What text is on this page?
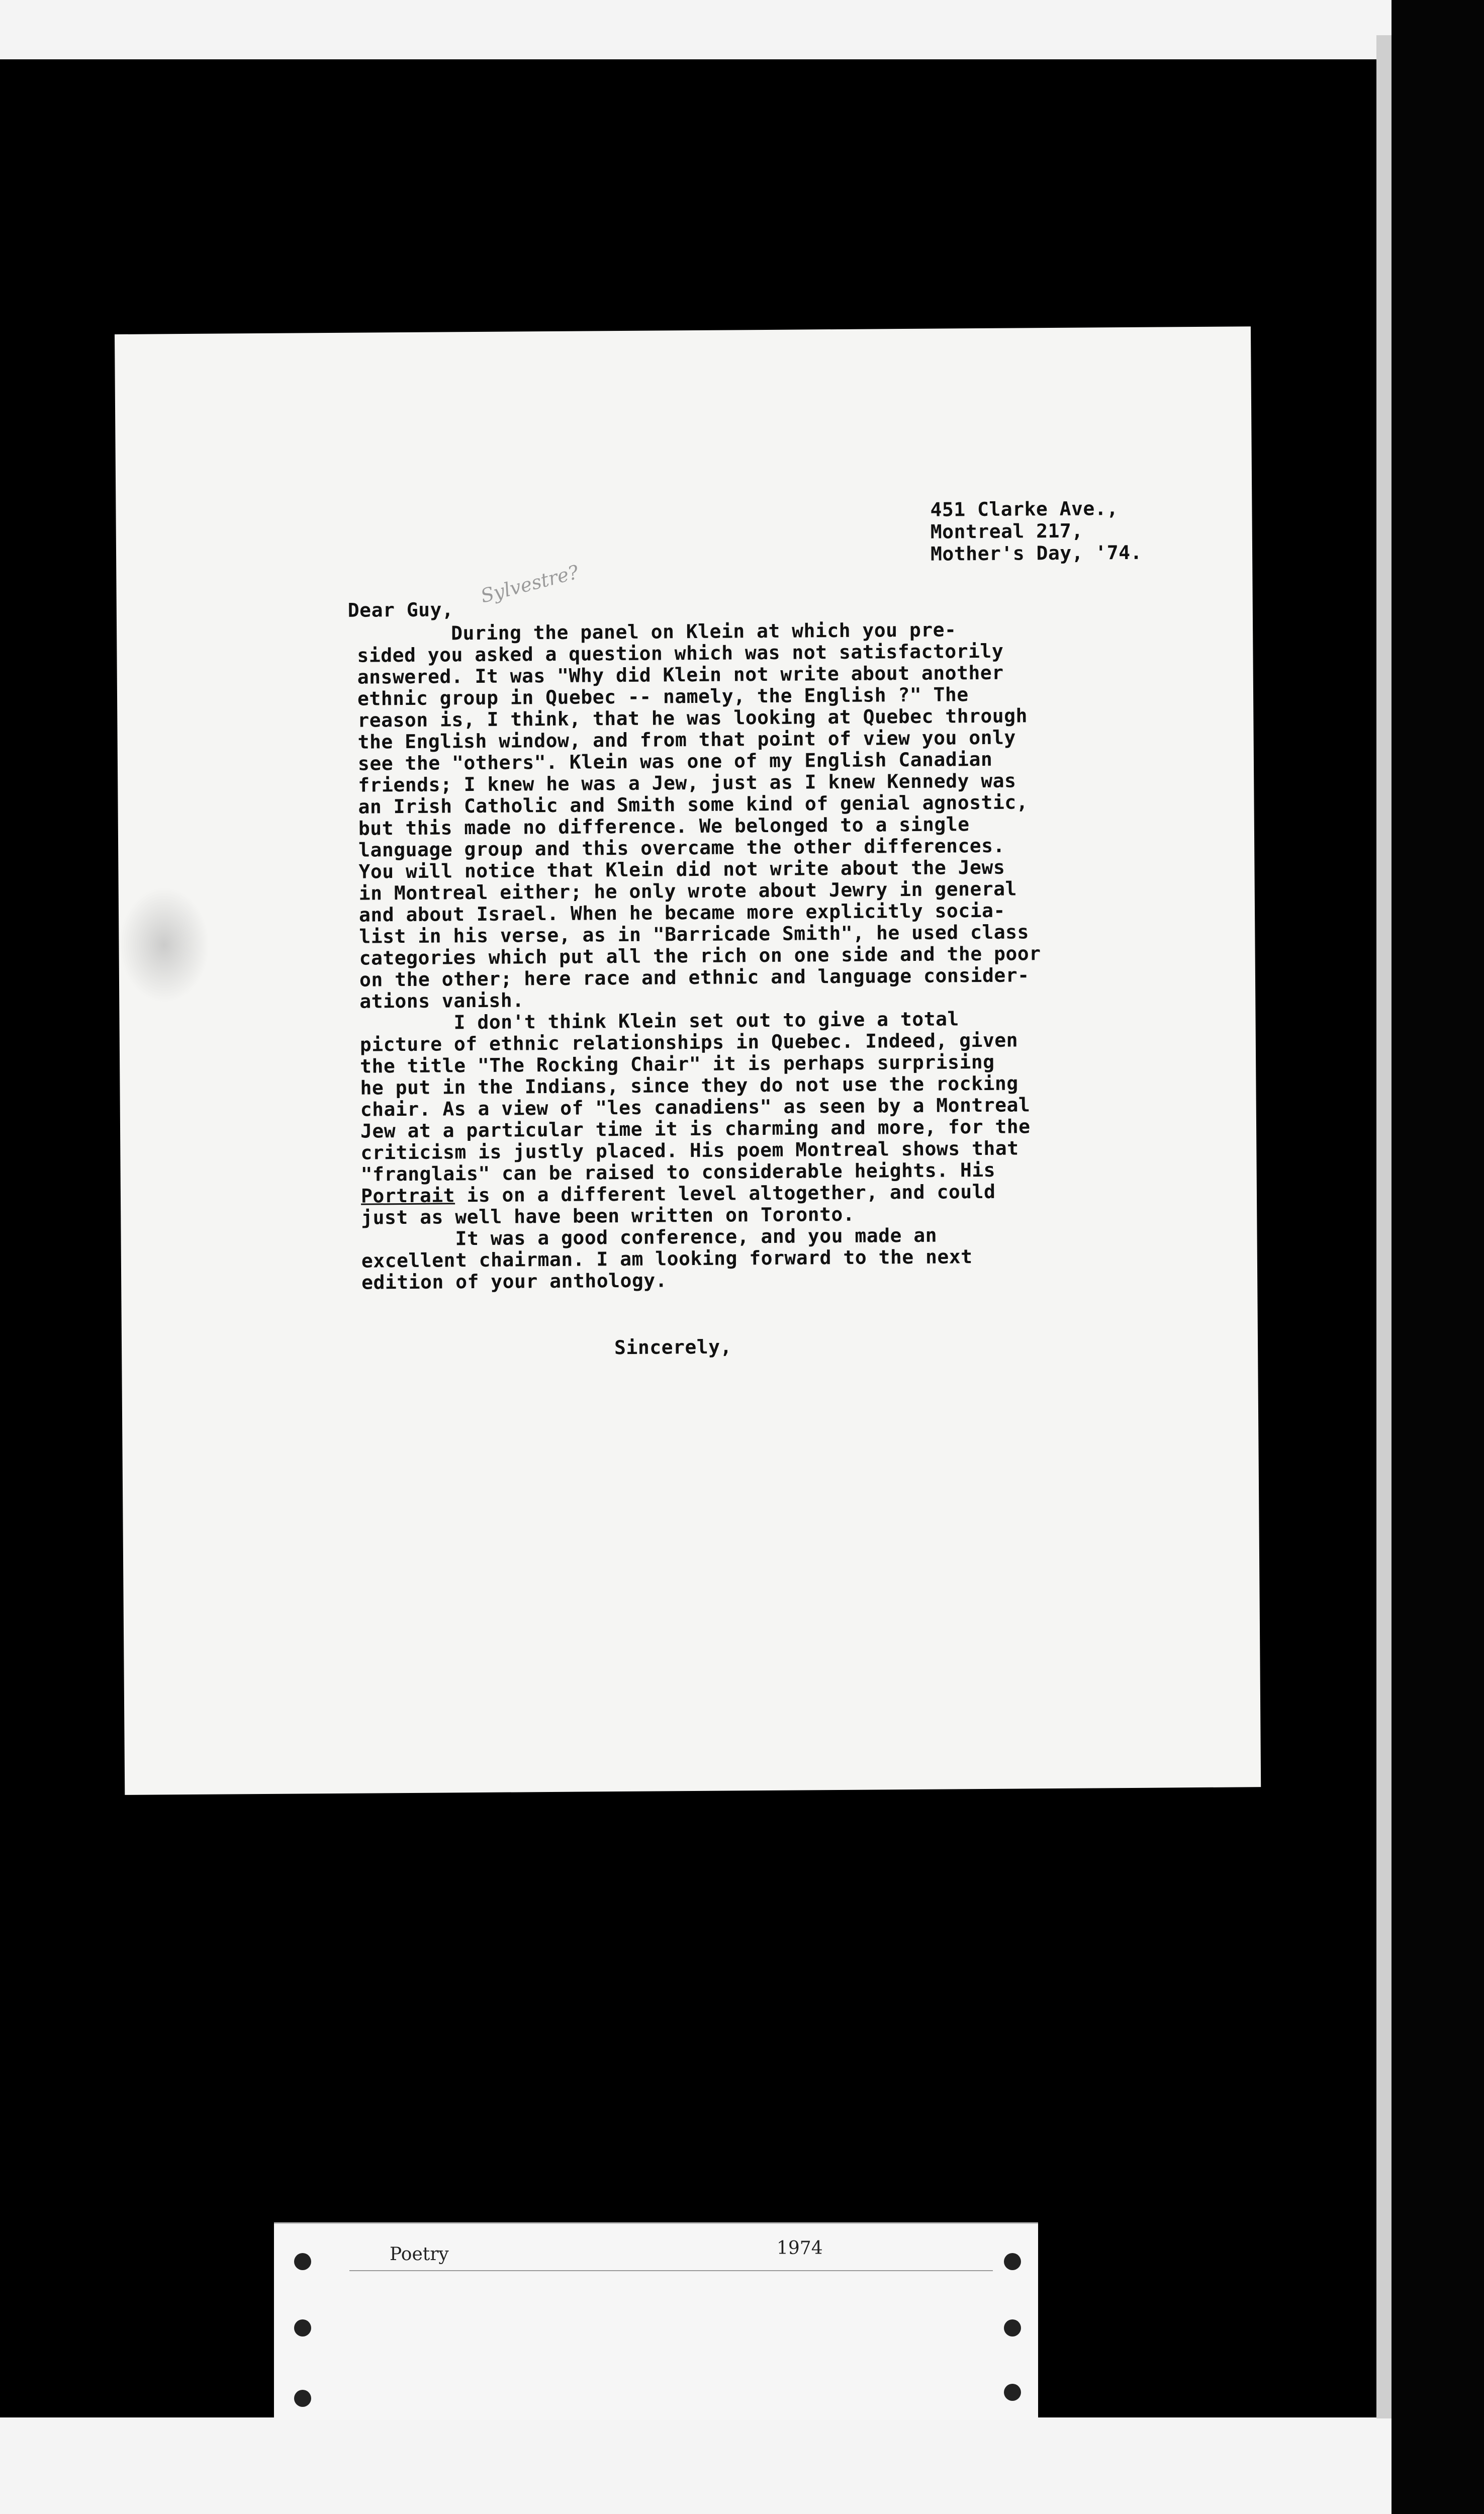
451 Clarke Ave.,
Montreal 217,
Mother's Day, '74.
Sylvestre?
Dear Guy,
During the panel on Klein at which you pre-
sided you asked a question which was not satisfactorily
answered. It was "Why did Klein not write about another
ethnic group in Quebec -- namely, the English ?" The
reason is, I think, that he was looking at Quebec through
the English window, and from that point of view you only
see the "others". Klein was one of my English Canadian
friends; I knew he was a Jew, just as I knew Kennedy was
an Irish Catholic and Smith some kind of genial agnostic,
but this made no difference. We belonged to a single
language group and this overcame the other differences.
You will notice that Klein did not write about the Jews
in Montreal either; he only wrote about Jewry in general
and about Israel. When he became more explicitly socia-
list in his verse, as in "Barricade Smith", he used class
categories which put all the rich on one side and the poor
on the other; here race and ethnic and language consider-
ations vanish.
I don't think Klein set out to give a total
picture of ethnic relationships in Quebec. Indeed, given
the title "The Rocking Chair" it is perhaps surprising
he put in the Indians, since they do not use the rocking
chair. As a view of "les canadiens" as seen by a Montreal
Jew at a particular time it is charming and more, for the
criticism is justly placed. His poem Montreal shows that
"franglais" can be raised to considerable heights. His
Portrait is on a different level altogether, and could
just as well have been written on Toronto.
It was a good conference, and you made an
excellent chairman. I am looking forward to the next
edition of your anthology.
Sincerely,
Poetry	1974
